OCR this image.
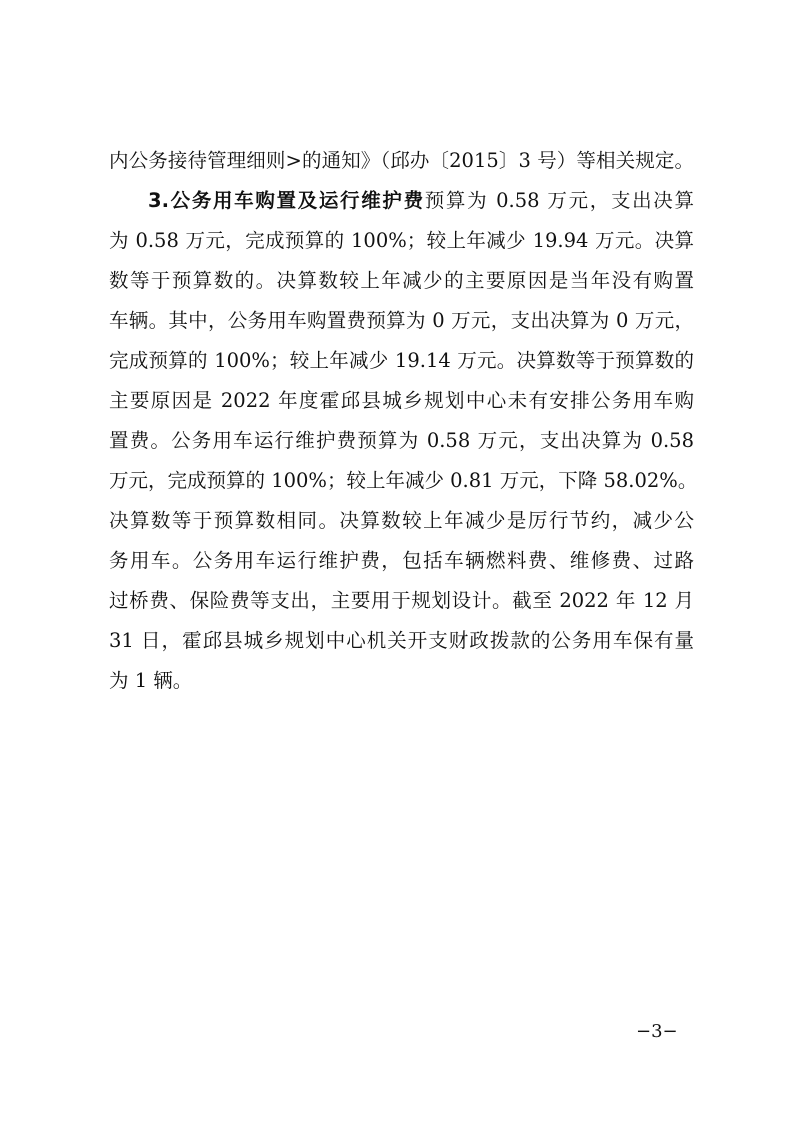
内公务接待管理细则>的通知》（邱办〔2015〕3 号）等相关规定。
3.公务用车购置及运行维护费预算为 0.58 万元，支出决算
为 0.58 万元，完成预算的 100%；较上年减少 19.94 万元。决算
数等于预算数的。决算数较上年减少的主要原因是当年没有购置
车辆。其中，公务用车购置费预算为 0 万元，支出决算为 0 万元，
完成预算的 100%；较上年减少 19.14 万元。决算数等于预算数的
主要原因是 2022 年度霍邱县城乡规划中心未有安排公务用车购
置费。公务用车运行维护费预算为 0.58 万元，支出决算为 0.58
万元，完成预算的 100%；较上年减少 0.81 万元，下降 58.02%。
决算数等于预算数相同。决算数较上年减少是厉行节约，减少公
务用车。公务用车运行维护费，包括车辆燃料费、维修费、过路
过桥费、保险费等支出，主要用于规划设计。截至 2022 年 12 月
31 日，霍邱县城乡规划中心机关开支财政拨款的公务用车保有量
为 1 辆。
−3−
